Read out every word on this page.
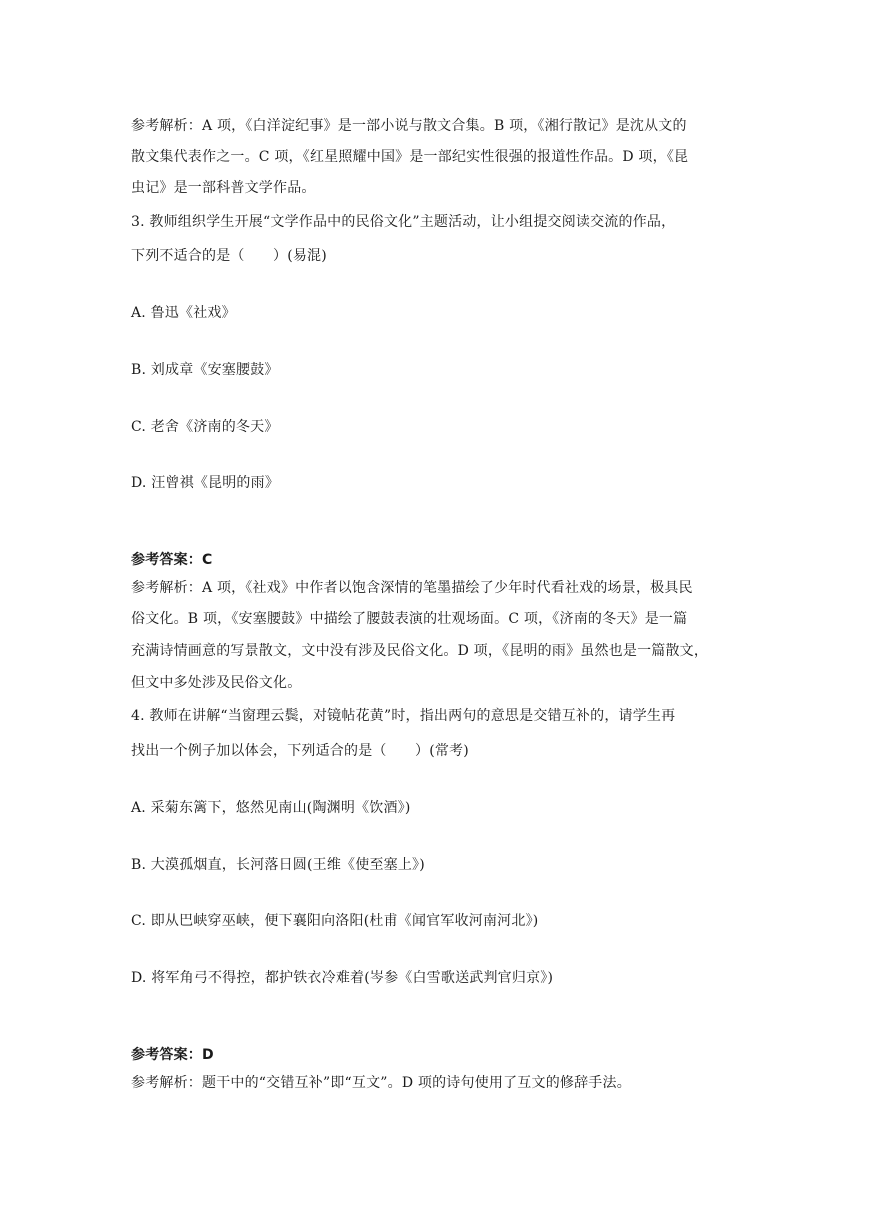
参考解析：A 项，《白洋淀纪事》是一部小说与散文合集。B 项，《湘行散记》是沈从文的
散文集代表作之一。C 项，《红星照耀中国》是一部纪实性很强的报道性作品。D 项，《昆
虫记》是一部科普文学作品。
3. 教师组织学生开展“文学作品中的民俗文化”主题活动，让小组提交阅读交流的作品，
下列不适合的是（　　）(易混)
A. 鲁迅《社戏》
B. 刘成章《安塞腰鼓》
C. 老舍《济南的冬天》
D. 汪曾祺《昆明的雨》
参考答案：C
参考解析：A 项，《社戏》中作者以饱含深情的笔墨描绘了少年时代看社戏的场景，极具民
俗文化。B 项，《安塞腰鼓》中描绘了腰鼓表演的壮观场面。C 项，《济南的冬天》是一篇
充满诗情画意的写景散文，文中没有涉及民俗文化。D 项，《昆明的雨》虽然也是一篇散文，
但文中多处涉及民俗文化。
4. 教师在讲解“当窗理云鬓，对镜帖花黄”时，指出两句的意思是交错互补的，请学生再
找出一个例子加以体会，下列适合的是（　　）(常考)
A. 采菊东篱下，悠然见南山(陶渊明《饮酒》)
B. 大漠孤烟直，长河落日圆(王维《使至塞上》)
C. 即从巴峡穿巫峡，便下襄阳向洛阳(杜甫《闻官军收河南河北》)
D. 将军角弓不得控，都护铁衣冷难着(岑参《白雪歌送武判官归京》)
参考答案：D
参考解析：题干中的“交错互补”即“互文”。D 项的诗句使用了互文的修辞手法。
